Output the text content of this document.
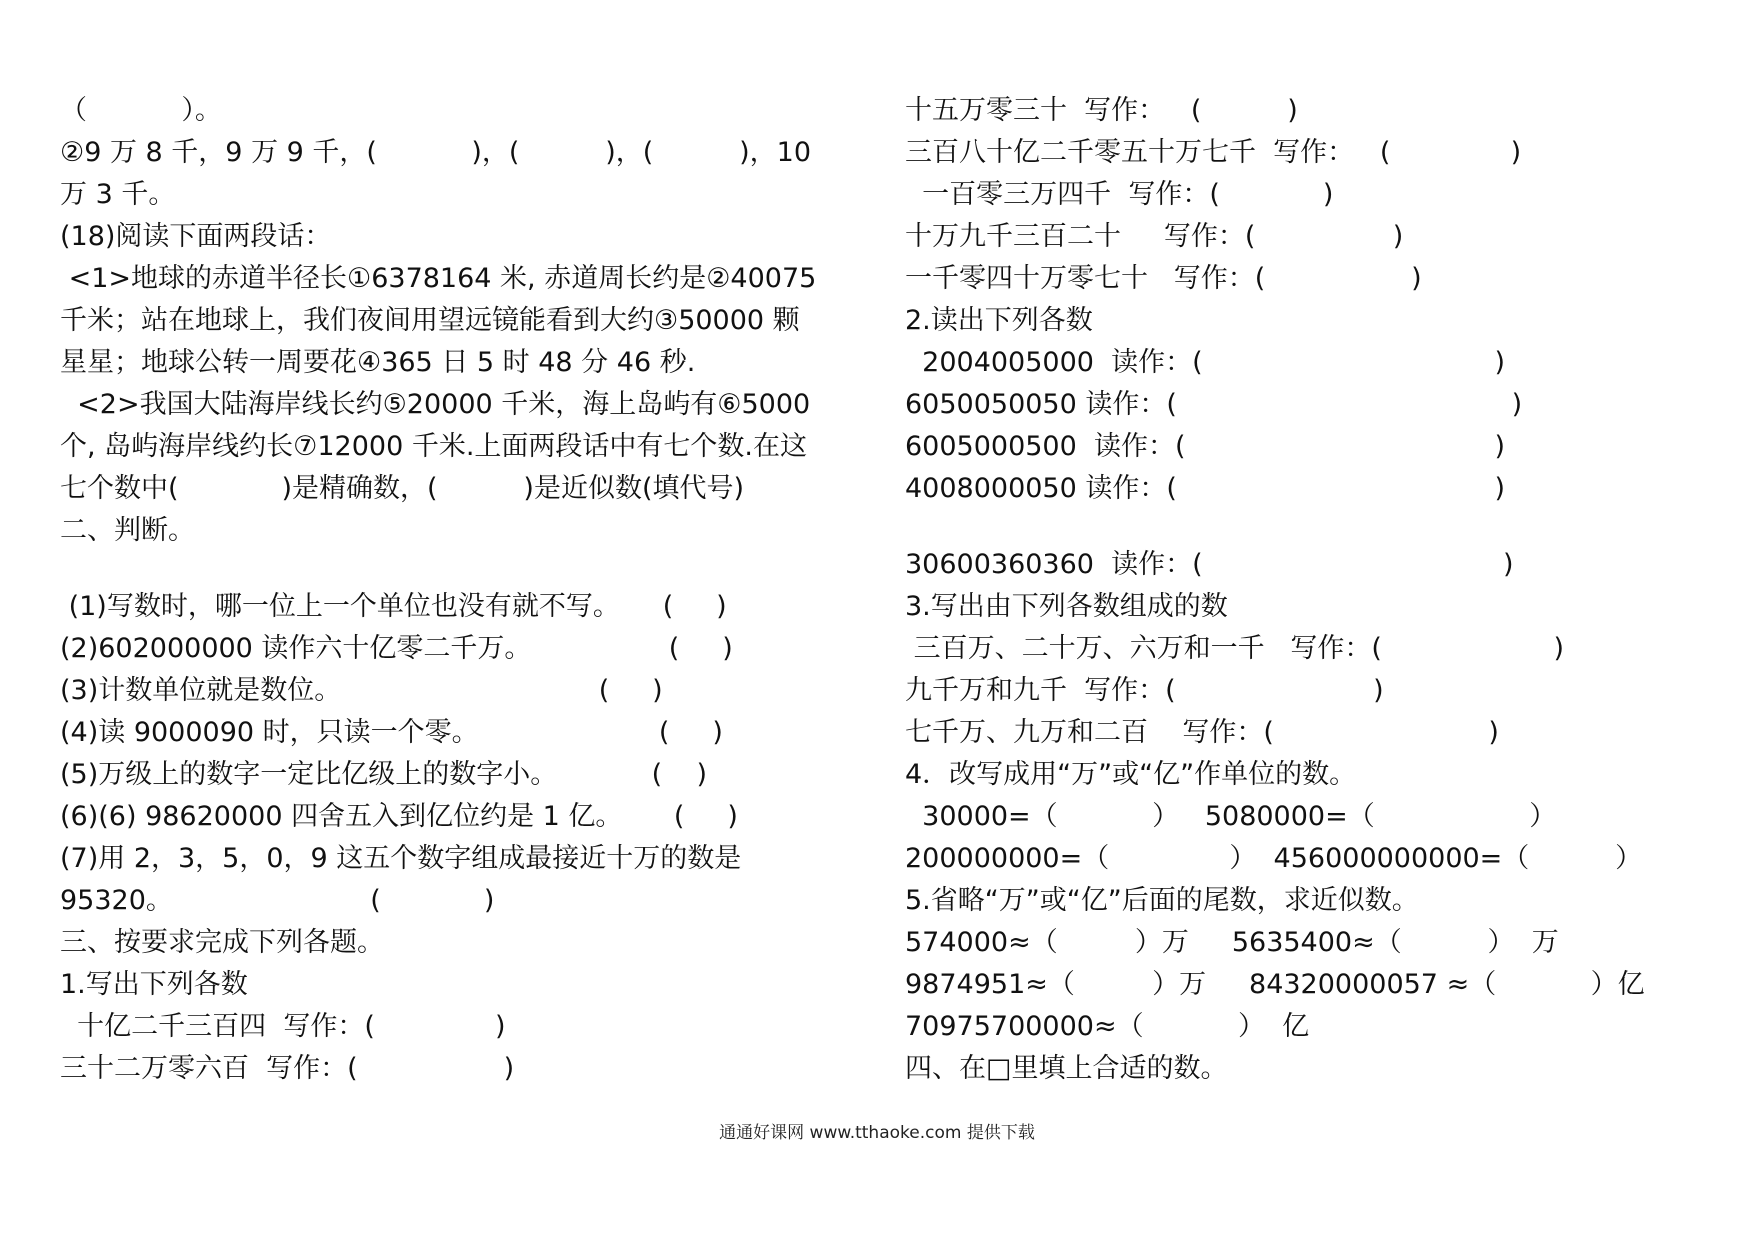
（           ）。
②9 万 8 千，9 万 9 千，(           )，(          )，(          )，10
万 3 千。
(18)阅读下面两段话：
<1>地球的赤道半径长①6378164 米, 赤道周长约是②40075
千米；站在地球上，我们夜间用望远镜能看到大约③50000 颗
星星；地球公转一周要花④365 日 5 时 48 分 46 秒.
<2>我国大陆海岸线长约⑤20000 千米，海上岛屿有⑥5000
个, 岛屿海岸线约长⑦12000 千米.上面两段话中有七个数.在这
七个数中(            )是精确数，(          )是近似数(填代号)
二、判断。
(1)写数时，哪一位上一个单位也没有就不写。     (     )
(2)602000000 读作六十亿零二千万。                (     )
(3)计数单位就是数位。                              (     )
(4)读 9000090 时，只读一个零。                     (     )
(5)万级上的数字一定比亿级上的数字小。           (    )
(6)(6) 98620000 四舍五入到亿位约是 1 亿。      (     )
(7)用 2，3，5，0，9 这五个数字组成最接近十万的数是
95320。                       (            )
三、按要求完成下列各题。
1.写出下列各数
十亿二千三百四  写作：(              )
三十二万零六百  写作：(                 )
十五万零三十  写作：   (          )
三百八十亿二千零五十万七千  写作：   (              )
一百零三万四千  写作：(            )
十万九千三百二十     写作：(                )
一千零四十万零七十   写作：(                 )
2.读出下列各数
2004005000  读作：(                                  )
6050050050 读作：(                                       )
6005000500  读作：(                                    )
4008000050 读作：(                                     )
30600360360  读作：(                                   )
3.写出由下列各数组成的数
三百万、二十万、六万和一千   写作：(                    )
九千万和九千  写作：(                       )
七千万、九万和二百    写作：(                         )
4．改写成用“万”或“亿”作单位的数。
30000=（           ）   5080000=（                  ）
200000000=（              ）  456000000000=（          ）
5.省略“万”或“亿”后面的尾数，求近似数。
574000≈（         ）万     5635400≈（          ）  万
9874951≈（         ）万     84320000057 ≈（           ）亿
70975700000≈（           ）  亿
四、在□里填上合适的数。
通通好课网 www.tthaoke.com 提供下载
